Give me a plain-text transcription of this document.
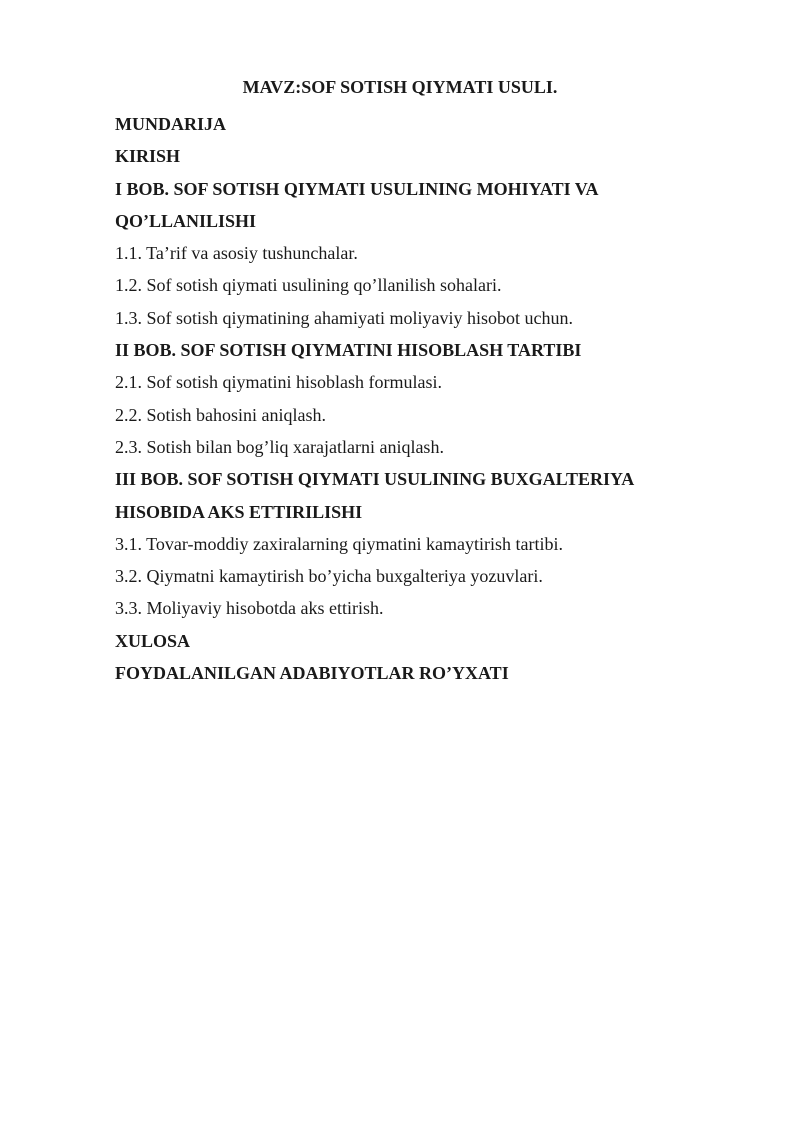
MAVZ:SOF SOTISH QIYMATI USULI.
MUNDARIJA
KIRISH
I BOB. SOF SOTISH QIYMATI USULINING MOHIYATI VA
QO’LLANILISHI
1.1. Ta’rif va asosiy tushunchalar.
1.2. Sof sotish qiymati usulining qo’llanilish sohalari.
1.3. Sof sotish qiymatining ahamiyati moliyaviy hisobot uchun.
II BOB. SOF SOTISH QIYMATINI HISOBLASH TARTIBI
2.1. Sof sotish qiymatini hisoblash formulasi.
2.2. Sotish bahosini aniqlash.
2.3. Sotish bilan bog’liq xarajatlarni aniqlash.
III BOB. SOF SOTISH QIYMATI USULINING BUXGALTERIYA
HISOBIDA AKS ETTIRILISHI
3.1. Tovar-moddiy zaxiralarning qiymatini kamaytirish tartibi.
3.2. Qiymatni kamaytirish bo’yicha buxgalteriya yozuvlari.
3.3. Moliyaviy hisobotda aks ettirish.
XULOSA
FOYDALANILGAN ADABIYOTLAR RO’YXATI
